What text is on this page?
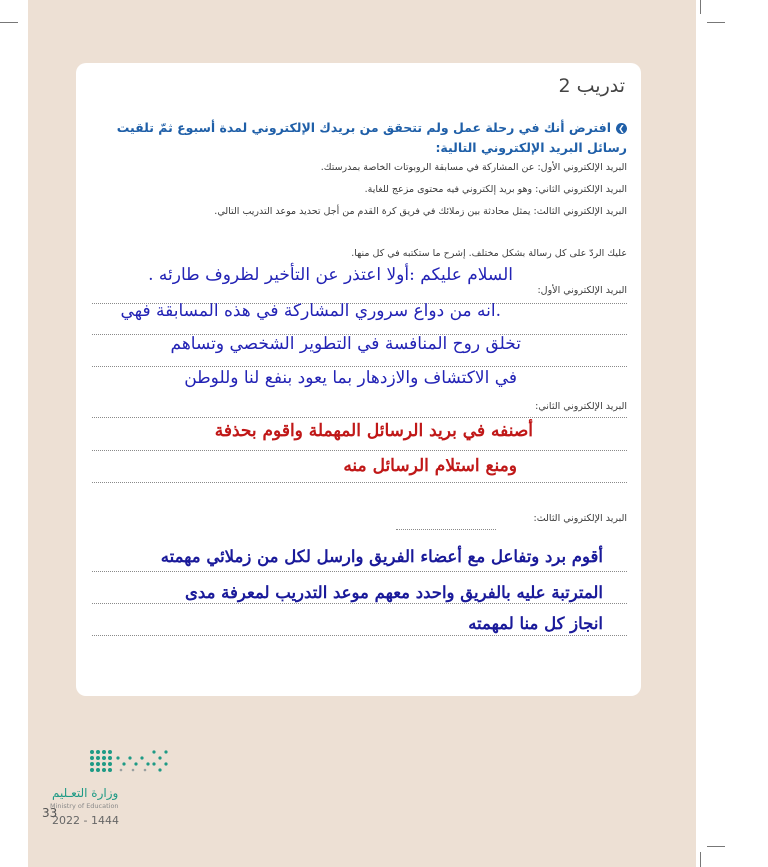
تدريب 2
❯افترض أنك في رحلة عمل ولم تتحقق من بريدك الإلكتروني لمدة أسبوع ثمّ تلقيت رسائل البريد الإلكتروني التالية:
البريد الإلكتروني الأول: عن المشاركة في مسابقة الروبوتات الخاصة بمدرستك.
البريد الإلكتروني الثاني: وهو بريد إلكتروني فيه محتوى مزعج للغاية.
البريد الإلكتروني الثالث: يمثل محادثة بين زملائك في فريق كرة القدم من أجل تحديد موعد التدريب التالي.
عليك الردّ على كل رسالة بشكل مختلف. إشرح ما ستكتبه في كل منها.
البريد الإلكتروني الأول:
السلام عليكم :أولا اعتذر عن التأخير لظروف طارئه .
.انه من دواع سروري المشاركة في هذه المسابقة فهي
تخلق روح المنافسة في التطوير الشخصي وتساهم
في الاكتشاف والازدهار بما يعود بنفع لنا وللوطن
البريد الإلكتروني الثاني:
أصنفه في بريد الرسائل المهملة واقوم بحذفة
ومنع استلام الرسائل منه
البريد الإلكتروني الثالث:
أقوم برد وتفاعل مع أعضاء الفريق وارسل لكل من زملائي مهمته
المترتبة عليه بالفريق واحدد معهم موعد التدريب لمعرفة مدى
انجاز كل منا لمهمته
وزارة التعـليم
Ministry of Education
33
2022 - 1444
